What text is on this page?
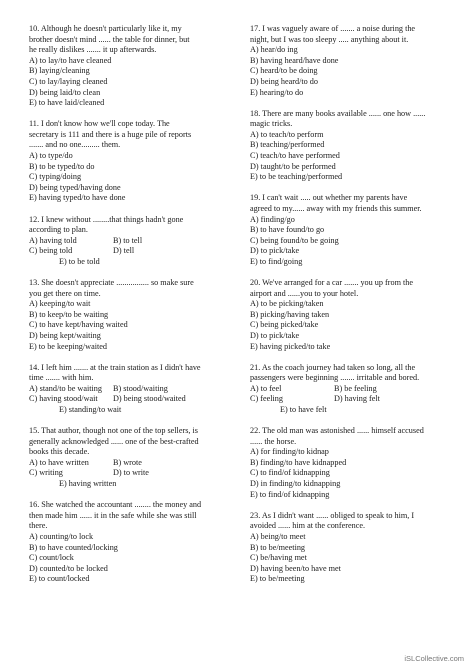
10. Although he doesn't particularly like it, my
brother doesn't mind ...... the table for dinner, but
he really dislikes ....... it up afterwards.

A) to lay/to have cleaned
B) laying/cleaning
C) to lay/laying cleaned
D) being laid/to clean
E) to have laid/cleaned

11. I don't know how we'll cope today. The
secretary is 111 and there is a huge pile of reports
....... and no one......... them.

A) to type/do
B) to be typed/to do
C) typing/doing
D) being typed/having done
E) having typed/to have done

12. I knew without ........that things hadn't gone
according to plan.

A) having told	B) to tell
C) being told	D) tell
E) to be told

13. She doesn't appreciate ................ so make sure
you get there on time.

A) keeping/to wait
B) to keep/to be waiting
C) to have kept/having waited
D) being kept/waiting
E) to be keeping/waited

14. I left him ....... at the train station as I didn't have
time ....... with him.

A) stand/to be waiting	B) stood/waiting
C) having stood/wait	D) being stood/waited
E) standing/to wait

15. That author, though not one of the top sellers, is
generally acknowledged ...... one of the best-crafted
books this decade.

A) to have written	B) wrote
C) writing	D) to write
E) having written

16. She watched the accountant ........ the money and
then made him ...... it in the safe while she was still
there.

A) counting/to lock
B) to have counted/locking
C) count/lock
D) counted/to be locked
E) to count/locked

17. I was vaguely aware of ....... a noise during the
night, but I was too sleepy ..... anything about it.

A) hear/do ing
B) having heard/have done
C) heard/to be doing
D) being heard/to do
E) hearing/to do

18. There are many books available ...... one how ......
magic tricks.

A) to teach/to perform
B) teaching/performed
C) teach/to have performed
D) taught/to be performed
E) to be teaching/performed

19. I can't wait ..... out whether my parents have
agreed to my...... away with my friends this summer.

A) finding/go
B) to have found/to go
C) being found/to be going
D) to pick/take
E) to find/going

20. We've arranged for a car ....... you up from the
airport and ......you to your hotel.

A) to be picking/taken
B) picking/having taken
C) being picked/take
D) to pick/take
E) having picked/to take

21. As the coach journey had taken so long, all the
passengers were beginning ....... irritable and bored.

A) to feel	B) be feeling
C) feeling	D) having felt
E) to have felt

22. The old man was astonished ...... himself accused
...... the horse.

A) for finding/to kidnap
B) finding/to have kidnapped
C) to find/of kidnapping
D) in finding/to kidnapping
E) to find/of kidnapping

23. As I didn't want ...... obliged to speak to him, I
avoided ...... him at the conference.

A) being/to meet
B) to be/meeting
C) be/having met
D) having been/to have met
E) to be/meeting
iSLCollective.com
